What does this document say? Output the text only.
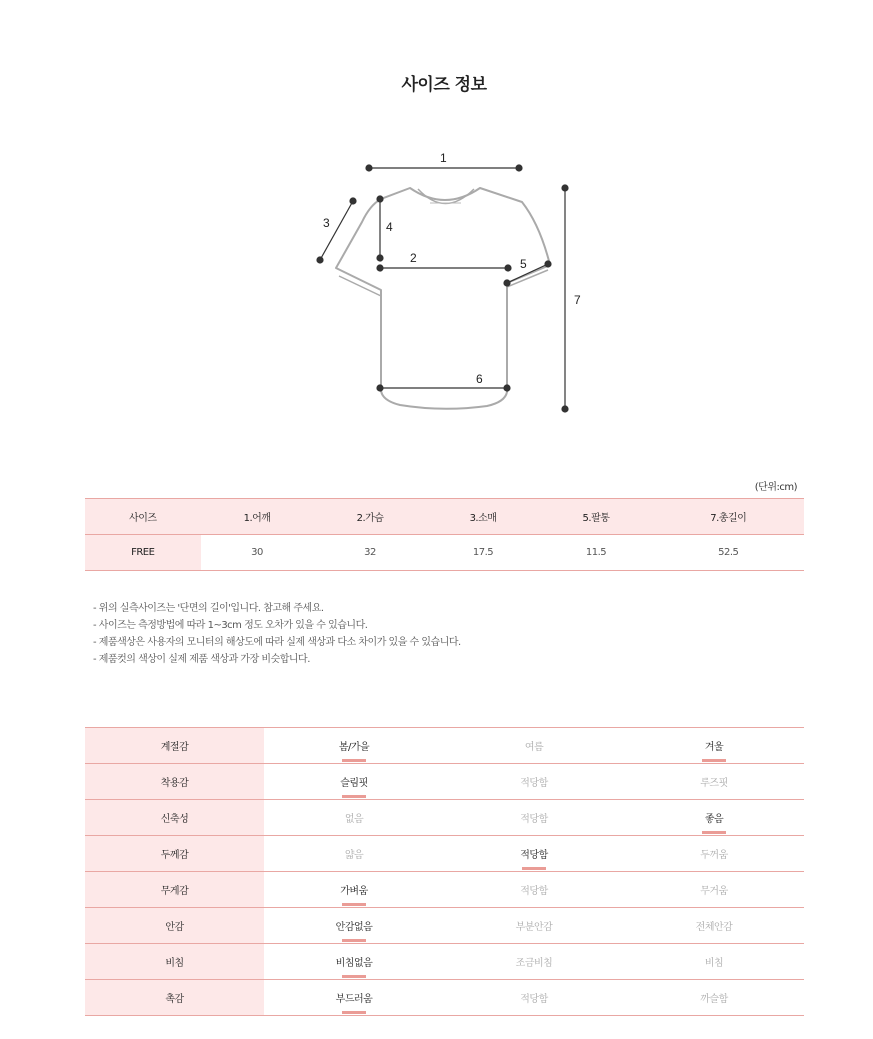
사이즈 정보
1
2
3	4
5
6
7
(단위:cm)
사이즈	1.어깨	2.가슴	3.소매	5.팔통	7.총길이
FREE	30	32	17.5	11.5	52.5
- 위의 실측사이즈는 '단면의 길이'입니다. 참고해 주세요.
- 사이즈는 측정방법에 따라 1~3cm 정도 오차가 있을 수 있습니다.
- 제품색상은 사용자의 모니터의 해상도에 따라 실제 색상과 다소 차이가 있을 수 있습니다.
- 제품컷의 색상이 실제 제품 색상과 가장 비슷합니다.
계절감	봄/가을	여름	겨울

착용감	슬림핏	적당함	루즈핏
신축성	없음	적당함	좋음

두께감	얇음	적당함	두꺼움
무게감	가벼움	적당함	무거움
안감	안감없음	부분안감	전체안감
비침	비침없음	조금비침	비침
촉감	부드러움	적당함	까슬함
